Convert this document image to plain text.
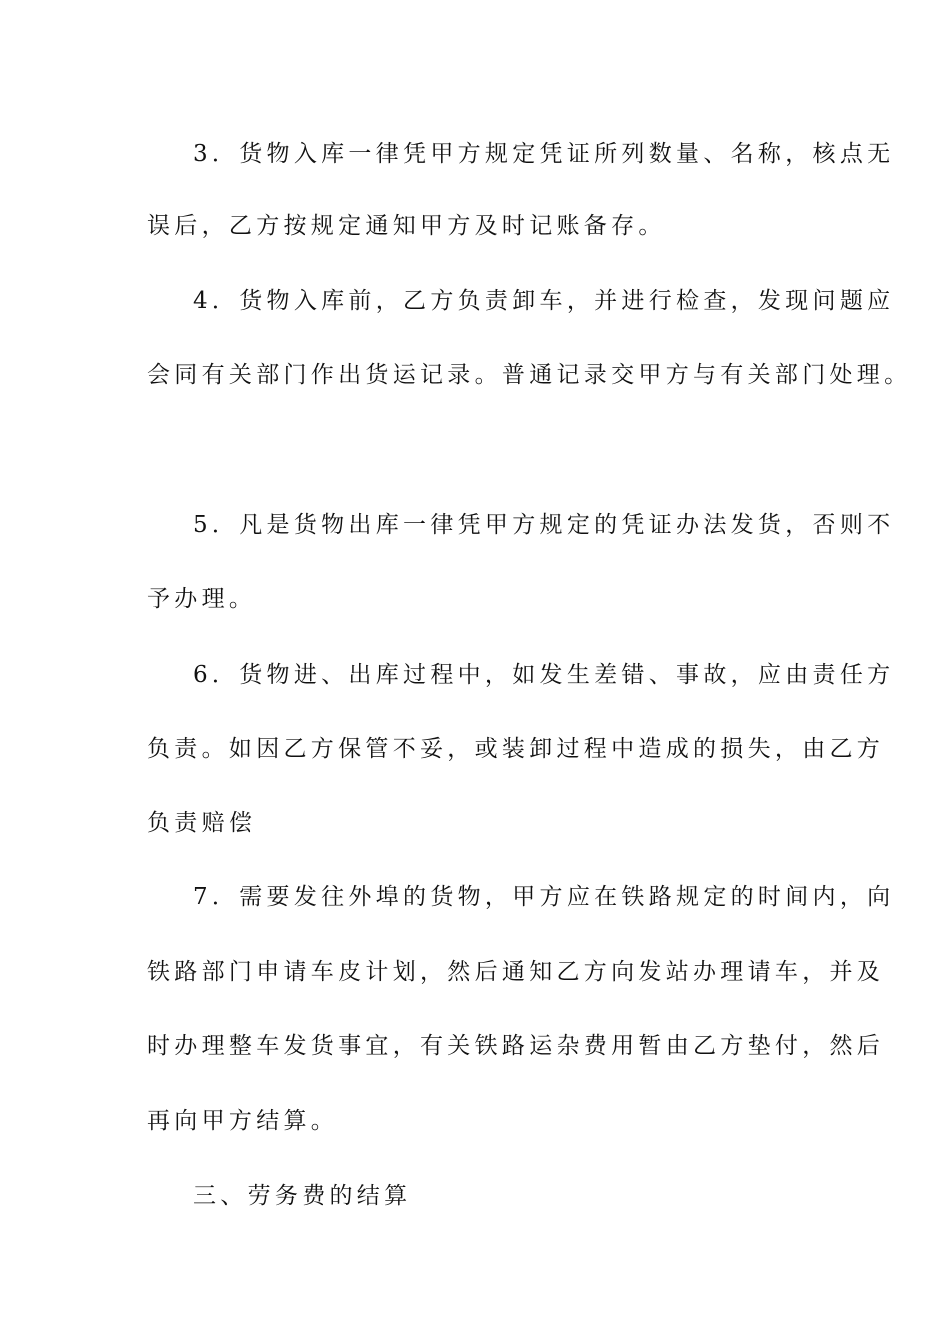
3．货物入库一律凭甲方规定凭证所列数量、名称，核点无
误后，乙方按规定通知甲方及时记账备存。
4．货物入库前，乙方负责卸车，并进行检查，发现问题应
会同有关部门作出货运记录。普通记录交甲方与有关部门处理。
5．凡是货物出库一律凭甲方规定的凭证办法发货，否则不
予办理。
6．货物进、出库过程中，如发生差错、事故，应由责任方
负责。如因乙方保管不妥，或装卸过程中造成的损失，由乙方
负责赔偿
7．需要发往外埠的货物，甲方应在铁路规定的时间内，向
铁路部门申请车皮计划，然后通知乙方向发站办理请车，并及
时办理整车发货事宜，有关铁路运杂费用暂由乙方垫付，然后
再向甲方结算。
三、劳务费的结算
